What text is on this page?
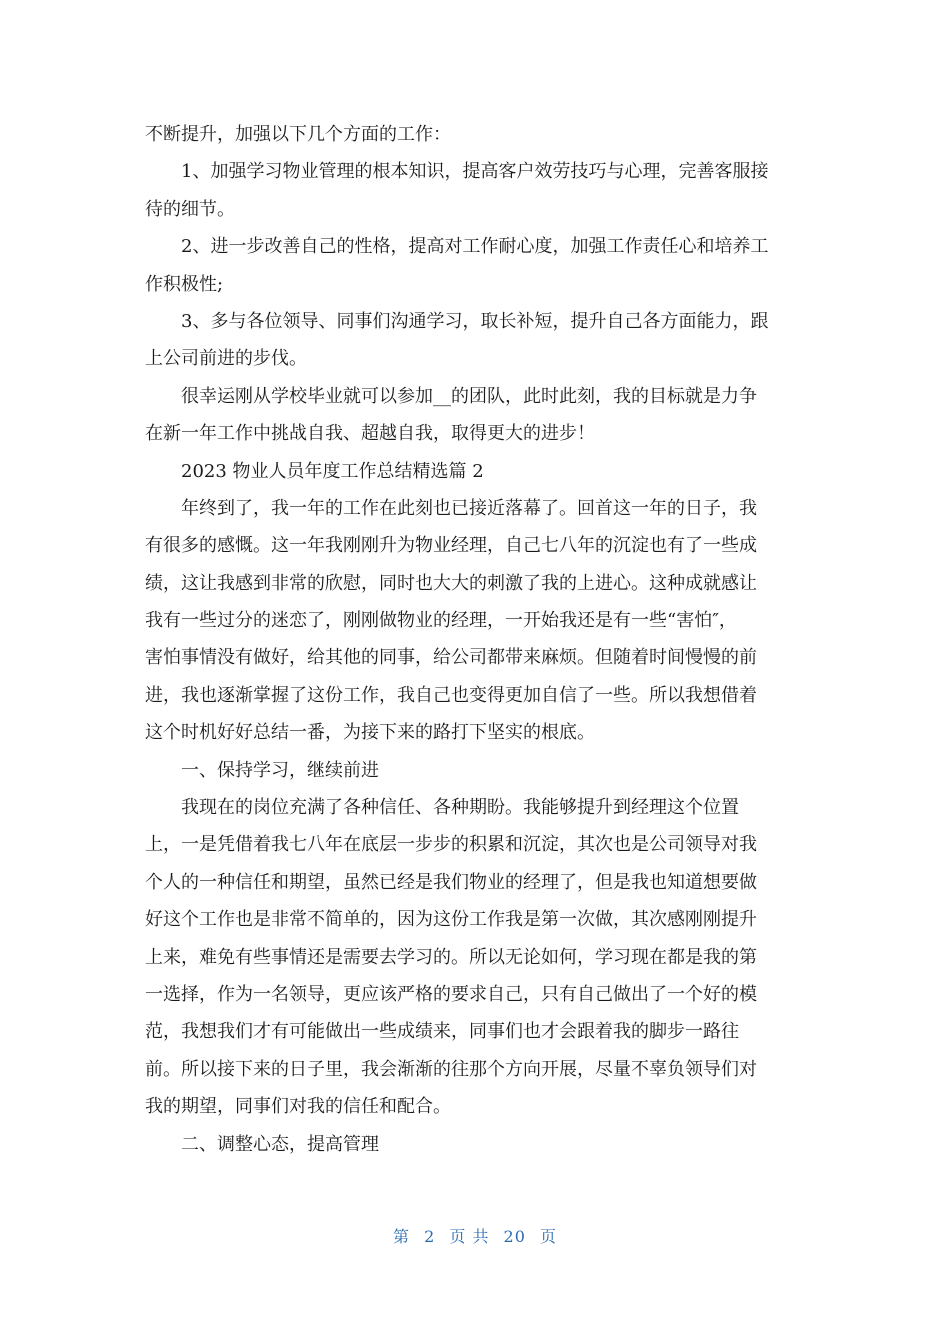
不断提升，加强以下几个方面的工作：
1、加强学习物业管理的根本知识，提高客户效劳技巧与心理，完善客服接
待的细节。
2、进一步改善自己的性格，提高对工作耐心度，加强工作责任心和培养工
作积极性;
3、多与各位领导、同事们沟通学习，取长补短，提升自己各方面能力，跟
上公司前进的步伐。
很幸运刚从学校毕业就可以参加__的团队，此时此刻，我的目标就是力争
在新一年工作中挑战自我、超越自我，取得更大的进步！
2023 物业人员年度工作总结精选篇 2
年终到了，我一年的工作在此刻也已接近落幕了。回首这一年的日子，我
有很多的感慨。这一年我刚刚升为物业经理，自己七八年的沉淀也有了一些成
绩，这让我感到非常的欣慰，同时也大大的刺激了我的上进心。这种成就感让
我有一些过分的迷恋了，刚刚做物业的经理，一开始我还是有一些“害怕″，
害怕事情没有做好，给其他的同事，给公司都带来麻烦。但随着时间慢慢的前
进，我也逐渐掌握了这份工作，我自己也变得更加自信了一些。所以我想借着
这个时机好好总结一番，为接下来的路打下坚实的根底。
一、保持学习，继续前进
我现在的岗位充满了各种信任、各种期盼。我能够提升到经理这个位置
上，一是凭借着我七八年在底层一步步的积累和沉淀，其次也是公司领导对我
个人的一种信任和期望，虽然已经是我们物业的经理了，但是我也知道想要做
好这个工作也是非常不简单的，因为这份工作我是第一次做，其次感刚刚提升
上来，难免有些事情还是需要去学习的。所以无论如何，学习现在都是我的第
一选择，作为一名领导，更应该严格的要求自己，只有自己做出了一个好的模
范，我想我们才有可能做出一些成绩来，同事们也才会跟着我的脚步一路往
前。所以接下来的日子里，我会渐渐的往那个方向开展，尽量不辜负领导们对
我的期望，同事们对我的信任和配合。
二、调整心态，提高管理
第 2 页 共 20 页
